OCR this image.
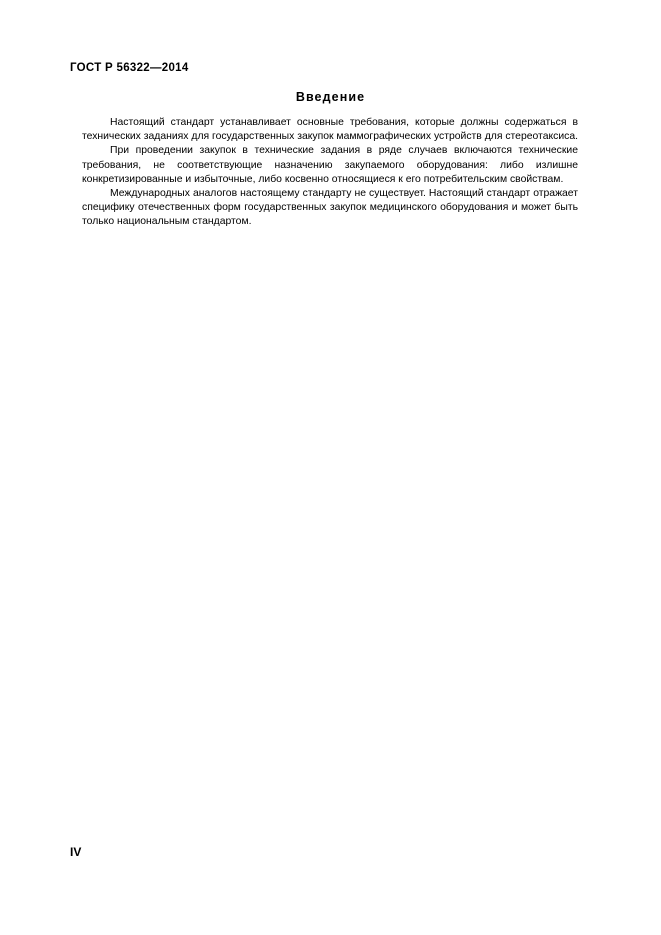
ГОСТ Р 56322—2014
Введение

Настоящий стандарт устанавливает основные требования, которые должны содержаться в технических заданиях для государственных закупок маммографических устройств для стереотаксиса.

При проведении закупок в технические задания в ряде случаев включаются технические требования, не соответствующие назначению закупаемого оборудования: либо излишне конкретизированные и избыточные, либо косвенно относящиеся к его потребительским свойствам.

Международных аналогов настоящему стандарту не существует. Настоящий стандарт отражает специфику отечественных форм государственных закупок медицинского оборудования и может быть только национальным стандартом.

IV
